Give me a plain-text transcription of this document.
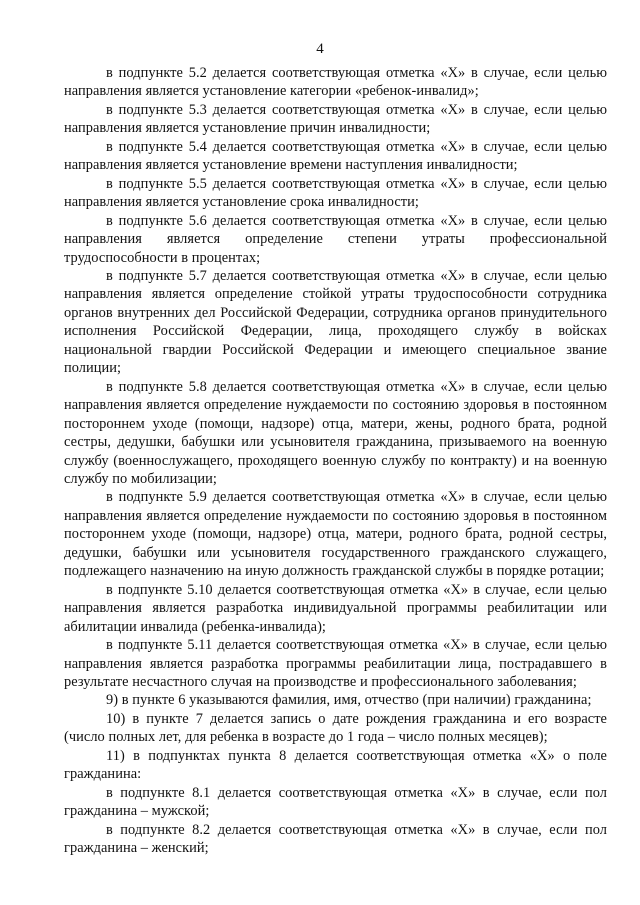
4

в подпункте 5.2 делается соответствующая отметка «Х» в случае, если целью направления является установление категории «ребенок-инвалид»;

в подпункте 5.3 делается соответствующая отметка «Х» в случае, если целью направления является установление причин инвалидности;

в подпункте 5.4 делается соответствующая отметка «Х» в случае, если целью направления является установление времени наступления инвалидности;

в подпункте 5.5 делается соответствующая отметка «Х» в случае, если целью направления является установление срока инвалидности;

в подпункте 5.6 делается соответствующая отметка «Х» в случае, если целью направления является определение степени утраты профессиональной трудоспособности в процентах;

в подпункте 5.7 делается соответствующая отметка «Х» в случае, если целью направления является определение стойкой утраты трудоспособности сотрудника органов внутренних дел Российской Федерации, сотрудника органов принудительного исполнения Российской Федерации, лица, проходящего службу в войсках национальной гвардии Российской Федерации и имеющего специальное звание полиции;

в подпункте 5.8 делается соответствующая отметка «Х» в случае, если целью направления является определение нуждаемости по состоянию здоровья в постоянном постороннем уходе (помощи, надзоре) отца, матери, жены, родного брата, родной сестры, дедушки, бабушки или усыновителя гражданина, призываемого на военную службу (военнослужащего, проходящего военную службу по контракту) и на военную службу по мобилизации;

в подпункте 5.9 делается соответствующая отметка «Х» в случае, если целью направления является определение нуждаемости по состоянию здоровья в постоянном постороннем уходе (помощи, надзоре) отца, матери, родного брата, родной сестры, дедушки, бабушки или усыновителя государственного гражданского служащего, подлежащего назначению на иную должность гражданской службы в порядке ротации;

в подпункте 5.10 делается соответствующая отметка «Х» в случае, если целью направления является разработка индивидуальной программы реабилитации или абилитации инвалида (ребенка-инвалида);

в подпункте 5.11 делается соответствующая отметка «Х» в случае, если целью направления является разработка программы реабилитации лица, пострадавшего в результате несчастного случая на производстве и профессионального заболевания;

9) в пункте 6 указываются фамилия, имя, отчество (при наличии) гражданина;

10) в пункте 7 делается запись о дате рождения гражданина и его возрасте (число полных лет, для ребенка в возрасте до 1 года – число полных месяцев);

11) в подпунктах пункта 8 делается соответствующая отметка «Х» о поле гражданина:

в подпункте 8.1 делается соответствующая отметка «Х» в случае, если пол гражданина – мужской;

в подпункте 8.2 делается соответствующая отметка «Х» в случае, если пол гражданина – женский;
